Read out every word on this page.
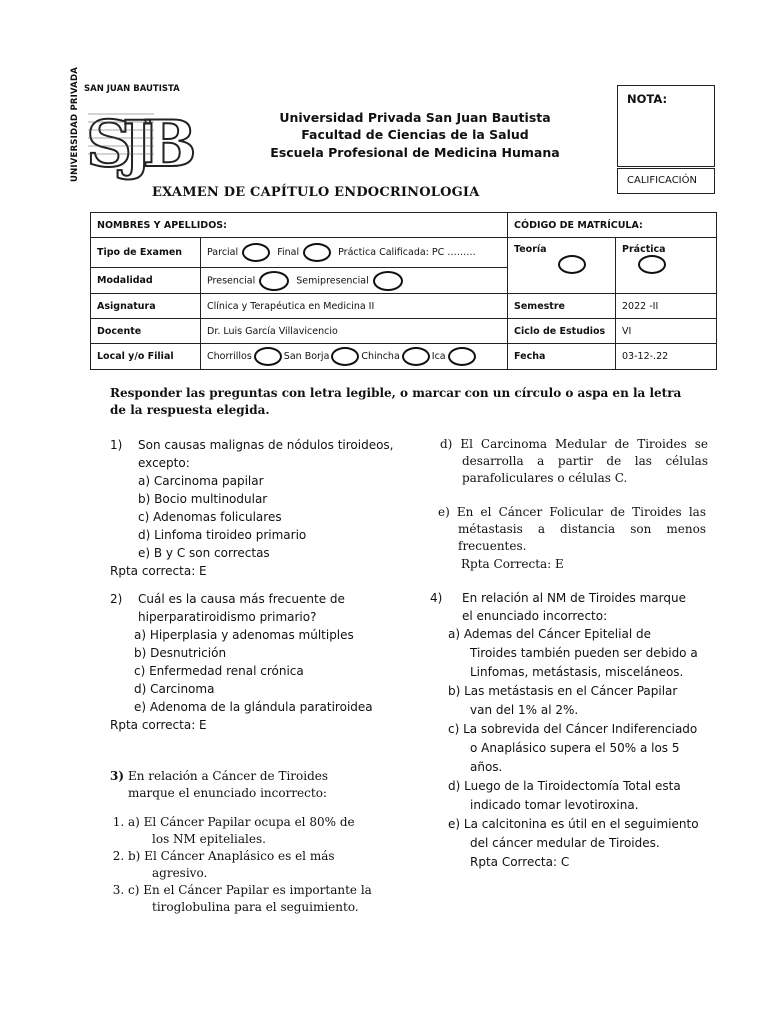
UNIVERSIDAD PRIVADA SAN JUAN BAUTISTA
SJB	Universidad Privada San Juan Bautista
Facultad de Ciencias de la Salud
Escuela Profesional de Medicina Humana
EXAMEN DE CAPÍTULO ENDOCRINOLOGIA
NOTA:
CALIFICACIÓN
NOMBRES Y APELLIDOS:		CÓDIGO DE MATRÍCULA:	
Tipo de Examen	Parcial Final Práctica Calificada: PC ………	Teoría	Práctica
Modalidad	Presencial Semipresencial		
Asignatura	Clínica y Terapéutica en Medicina II	Semestre	2022 -II
Docente	Dr. Luis García Villavicencio	Ciclo de Estudios	VI
Local y/o Filial	Chorrillos San Borja Chincha Ica	Fecha	03-12-.22
Responder las preguntas con letra legible, o marcar con un círculo o aspa en la letra de la respuesta elegida.
1) Son causas malignas de nódulos tiroideos, excepto:
a) Carcinoma papilar
b) Bocio multinodular
c) Adenomas foliculares
d) Linfoma tiroideo primario
e) B y C son correctas
Rpta correcta: E
2) Cuál es la causa más frecuente de hiperparatiroidismo primario?
a) Hiperplasia y adenomas múltiples
b) Desnutrición
c) Enfermedad renal crónica
d) Carcinoma
e) Adenoma de la glándula paratiroidea
Rpta correcta: E
3) En relación a Cáncer de Tiroides marque el enunciado incorrecto:
1. a) El Cáncer Papilar ocupa el 80% de los NM epiteliales.
2. b) El Cáncer Anaplásico es el más agresivo.
3. c) En el Cáncer Papilar es importante la tiroglobulina para el seguimiento.
d) El Carcinoma Medular de Tiroides se desarrolla a partir de las células parafoliculares o células C.
e) En el Cáncer Folicular de Tiroides las métastasis a distancia son menos frecuentes.
Rpta Correcta: E
4) En relación al NM de Tiroides marque el enunciado incorrecto:
a) Ademas del Cáncer Epitelial de Tiroides también pueden ser debido a Linfomas, metástasis, misceláneos.
b) Las metástasis en el Cáncer Papilar van del 1% al 2%.
c) La sobrevida del Cáncer Indiferenciado o Anaplásico supera el 50% a los 5 años.
d) Luego de la Tiroidectomía Total esta indicado tomar levotiroxina.
e) La calcitonina es útil en el seguimiento del cáncer medular de Tiroides.
Rpta Correcta: C
